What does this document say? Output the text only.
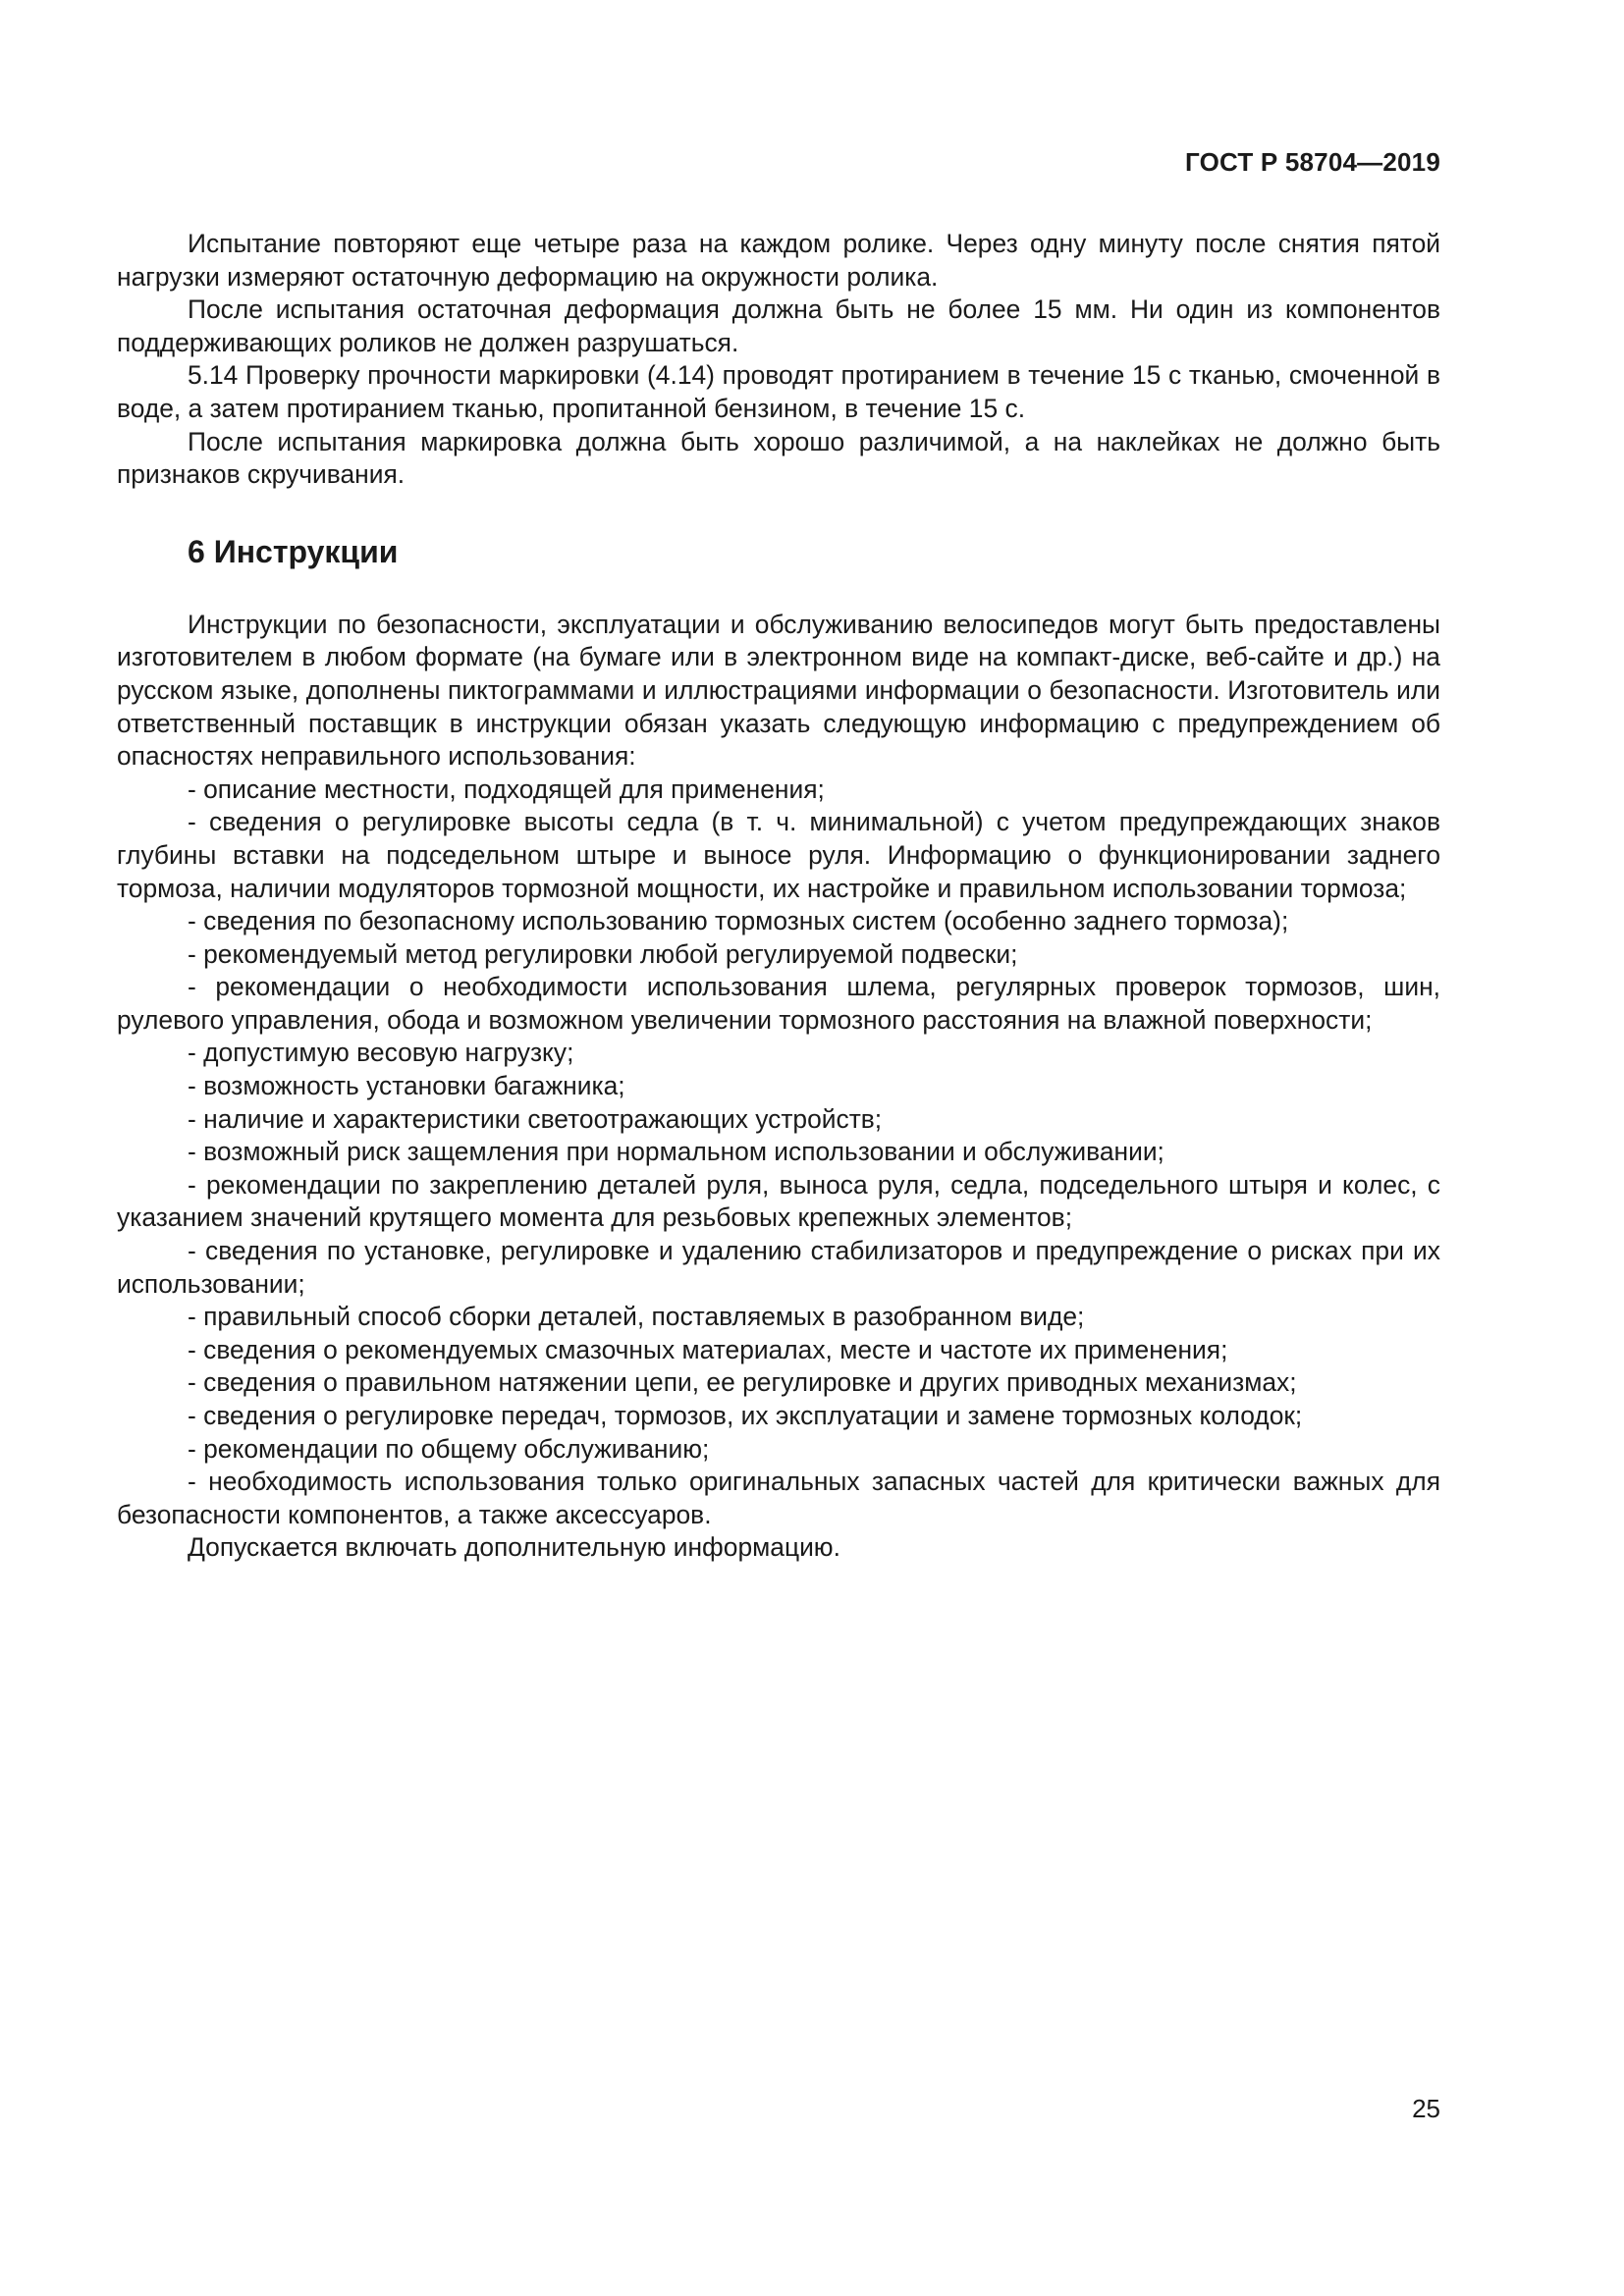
ГОСТ Р 58704—2019

Испытание повторяют еще четыре раза на каждом ролике. Через одну минуту после снятия пятой нагрузки измеряют остаточную деформацию на окружности ролика.

После испытания остаточная деформация должна быть не более 15 мм. Ни один из компонентов поддерживающих роликов не должен разрушаться.

5.14 Проверку прочности маркировки (4.14) проводят протиранием в течение 15 с тканью, смоченной в воде, а затем протиранием тканью, пропитанной бензином, в течение 15 с.

После испытания маркировка должна быть хорошо различимой, а на наклейках не должно быть признаков скручивания.

6 Инструкции

Инструкции по безопасности, эксплуатации и обслуживанию велосипедов могут быть предоставлены изготовителем в любом формате (на бумаге или в электронном виде на компакт-диске, веб-сайте и др.) на русском языке, дополнены пиктограммами и иллюстрациями информации о безопасности. Изготовитель или ответственный поставщик в инструкции обязан указать следующую информацию с предупреждением об опасностях неправильного использования:

- описание местности, подходящей для применения;

- сведения о регулировке высоты седла (в т. ч. минимальной) с учетом предупреждающих знаков глубины вставки на подседельном штыре и выносе руля. Информацию о функционировании заднего тормоза, наличии модуляторов тормозной мощности, их настройке и правильном использовании тормоза;

- сведения по безопасному использованию тормозных систем (особенно заднего тормоза);

- рекомендуемый метод регулировки любой регулируемой подвески;

- рекомендации о необходимости использования шлема, регулярных проверок тормозов, шин, рулевого управления, обода и возможном увеличении тормозного расстояния на влажной поверхности;

- допустимую весовую нагрузку;

- возможность установки багажника;

- наличие и характеристики светоотражающих устройств;

- возможный риск защемления при нормальном использовании и обслуживании;

- рекомендации по закреплению деталей руля, выноса руля, седла, подседельного штыря и колес, с указанием значений крутящего момента для резьбовых крепежных элементов;

- сведения по установке, регулировке и удалению стабилизаторов и предупреждение о рисках при их использовании;

- правильный способ сборки деталей, поставляемых в разобранном виде;

- сведения о рекомендуемых смазочных материалах, месте и частоте их применения;

- сведения о правильном натяжении цепи, ее регулировке и других приводных механизмах;

- сведения о регулировке передач, тормозов, их эксплуатации и замене тормозных колодок;

- рекомендации по общему обслуживанию;

- необходимость использования только оригинальных запасных частей для критически важных для безопасности компонентов, а также аксессуаров.

Допускается включать дополнительную информацию.

25
